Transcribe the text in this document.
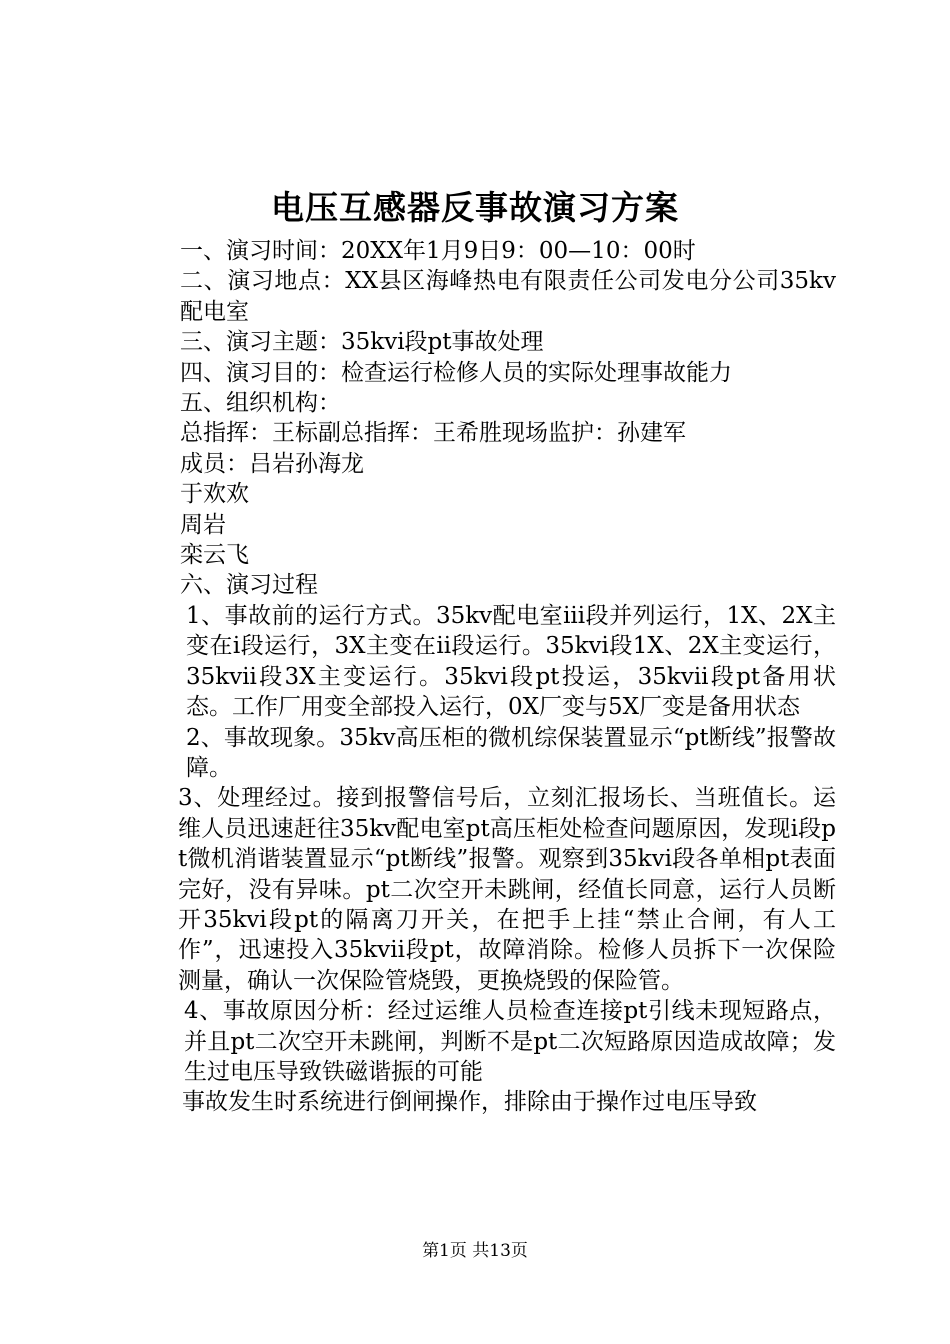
电压互感器反事故演习方案

一、演习时间：20XX年1月9日9：00—10：00时

二、演习地点：XX县区海峰热电有限责任公司发电分公司35kv配电室

三、演习主题：35kvi段pt事故处理

四、演习目的：检查运行检修人员的实际处理事故能力

五、组织机构：

总指挥：王标副总指挥：王希胜现场监护：孙建军

成员：吕岩孙海龙

于欢欢

周岩

栾云飞

六、演习过程

1、事故前的运行方式。35kv配电室iii段并列运行，1X、2X主变在i段运行，3X主变在ii段运行。35kvi段1X、2X主变运行，35kvii段3X主变运行。35kvi段pt投运，35kvii段pt备用状态。工作厂用变全部投入运行，0X厂变与5X厂变是备用状态

2、事故现象。35kv高压柜的微机综保装置显示“pt断线”报警故障。

3、处理经过。接到报警信号后，立刻汇报场长、当班值长。运维人员迅速赶往35kv配电室pt高压柜处检查问题原因，发现i段pt微机消谐装置显示“pt断线”报警。观察到35kvi段各单相pt表面完好，没有异味。pt二次空开未跳闸，经值长同意，运行人员断开35kvi段pt的隔离刀开关，在把手上挂“禁止合闸，有人工作”，迅速投入35kvii段pt，故障消除。检修人员拆下一次保险测量，确认一次保险管烧毁，更换烧毁的保险管。

4、事故原因分析：经过运维人员检查连接pt引线未现短路点，并且pt二次空开未跳闸，判断不是pt二次短路原因造成故障；发生过电压导致铁磁谐振的可能

事故发生时系统进行倒闸操作，排除由于操作过电压导致

第1页 共13页
